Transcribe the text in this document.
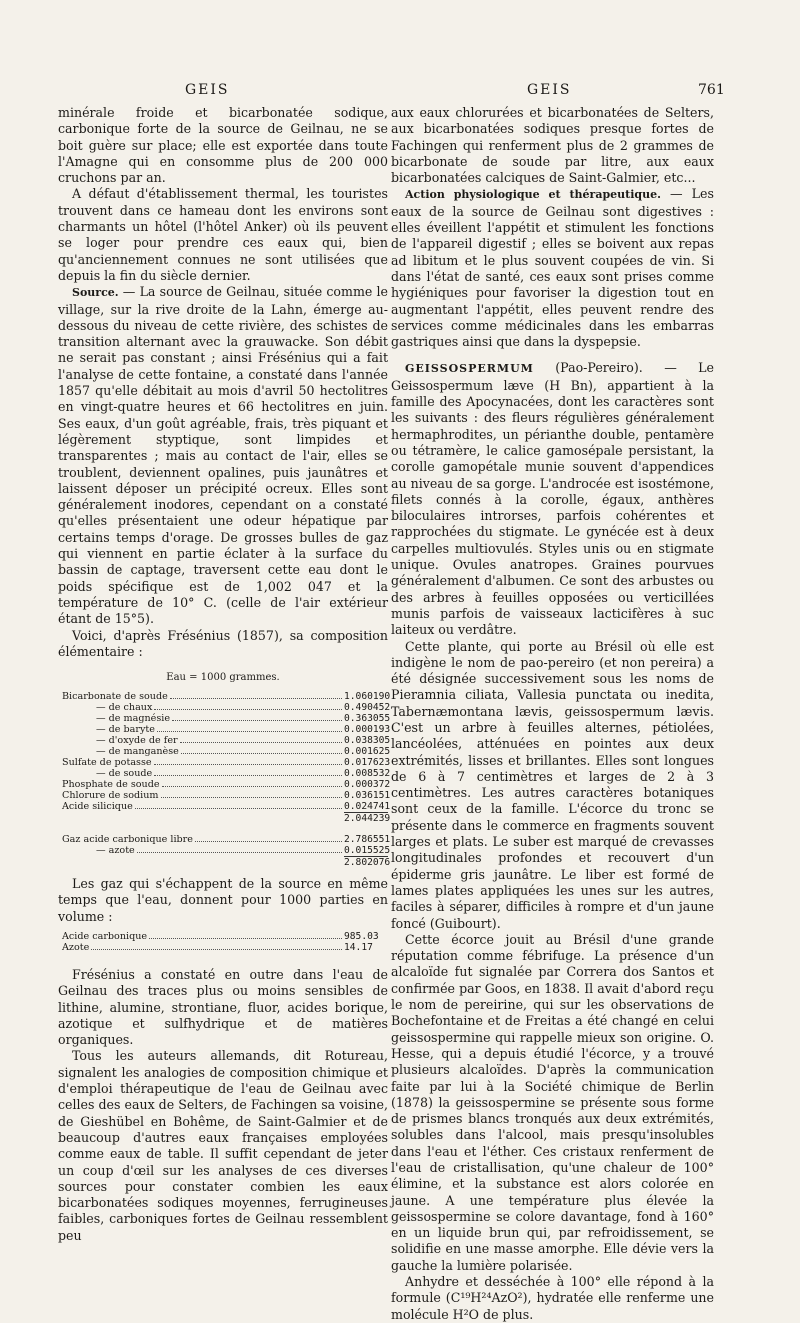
GEIS	GEIS	761

minérale froide et bicarbonatée sodique, carbonique forte de la source de Geilnau, ne se boit guère sur place; elle est exportée dans toute l'Amagne qui en consomme plus de 200 000 cruchons par an.

A défaut d'établissement thermal, les touristes trouvent dans ce hameau dont les environs sont charmants un hôtel (l'hôtel Anker) où ils peuvent se loger pour prendre ces eaux qui, bien qu'anciennement connues ne sont utilisées que depuis la fin du siècle dernier.

Source. — La source de Geilnau, située comme le village, sur la rive droite de la Lahn, émerge au-dessous du niveau de cette rivière, des schistes de transition alternant avec la grauwacke. Son débit ne serait pas constant ; ainsi Frésénius qui a fait l'analyse de cette fontaine, a constaté dans l'année 1857 qu'elle débitait au mois d'avril 50 hectolitres en vingt-quatre heures et 66 hectolitres en juin. Ses eaux, d'un goût agréable, frais, très piquant et légèrement styptique, sont limpides et transparentes ; mais au contact de l'air, elles se troublent, deviennent opalines, puis jaunâtres et laissent déposer un précipité ocreux. Elles sont généralement inodores, cependant on a constaté qu'elles présentaient une odeur hépatique par certains temps d'orage. De grosses bulles de gaz qui viennent en partie éclater à la surface du bassin de captage, traversent cette eau dont le poids spécifique est de 1,002 047 et la température de 10° C. (celle de l'air extérieur étant de 15°5).

Voici, d'après Frésénius (1857), sa composition élémentaire :

Eau = 1000 grammes.
Bicarbonate de soude	1.060190
— de chaux	0.490452
— de magnésie	0.363055
— de baryte	0.000193
— d'oxyde de fer	0.038305
— de manganèse	0.001625
Sulfate de potasse	0.017623
— de soude	0.008532
Phosphate de soude	0.000372
Chlorure de sodium	0.036151
Acide silicique	0.024741
2.044239
Gaz acide carbonique libre	2.786551
— azote	0.015525
2.802076

Les gaz qui s'échappent de la source en même temps que l'eau, donnent pour 1000 parties en volume :

Acide carbonique	985.03
Azote	14.17

Frésénius a constaté en outre dans l'eau de Geilnau des traces plus ou moins sensibles de lithine, alumine, strontiane, fluor, acides borique, azotique et sulfhydrique et de matières organiques.

Tous les auteurs allemands, dit Rotureau, signalent les analogies de composition chimique et d'emploi thérapeutique de l'eau de Geilnau avec celles des eaux de Selters, de Fachingen sa voisine, de Gieshübel en Bohême, de Saint-Galmier et de beaucoup d'autres eaux françaises employées comme eaux de table. Il suffit cependant de jeter un coup d'œil sur les analyses de ces diverses sources pour constater combien les eaux bicarbonatées sodiques moyennes, ferrugineuses faibles, carboniques fortes de Geilnau ressemblent peu

aux eaux chlorurées et bicarbonatées de Selters, aux bicarbonatées sodiques presque fortes de Fachingen qui renferment plus de 2 grammes de bicarbonate de soude par litre, aux eaux bicarbonatées calciques de Saint-Galmier, etc...

Action physiologique et thérapeutique. — Les eaux de la source de Geilnau sont digestives : elles éveillent l'appétit et stimulent les fonctions de l'appareil digestif ; elles se boivent aux repas ad libitum et le plus souvent coupées de vin. Si dans l'état de santé, ces eaux sont prises comme hygiéniques pour favoriser la digestion tout en augmentant l'appétit, elles peuvent rendre des services comme médicinales dans les embarras gastriques ainsi que dans la dyspepsie.

GEISSOSPERMUM (Pao-Pereiro). — Le Geissospermum læve (H Bn), appartient à la famille des Apocynacées, dont les caractères sont les suivants : des fleurs régulières généralement hermaphrodites, un périanthe double, pentamère ou tétramère, le calice gamosépale persistant, la corolle gamopétale munie souvent d'appendices au niveau de sa gorge. L'androcée est isostémone, filets connés à la corolle, égaux, anthères biloculaires introrses, parfois cohérentes et rapprochées du stigmate. Le gynécée est à deux carpelles multiovulés. Styles unis ou en stigmate unique. Ovules anatropes. Graines pourvues généralement d'albumen. Ce sont des arbustes ou des arbres à feuilles opposées ou verticillées munis parfois de vaisseaux lacticifères à suc laiteux ou verdâtre.

Cette plante, qui porte au Brésil où elle est indigène le nom de pao-pereiro (et non pereira) a été désignée successivement sous les noms de Pieramnia ciliata, Vallesia punctata ou inedita, Tabernæmontana lævis, geissospermum lævis. C'est un arbre à feuilles alternes, pétiolées, lancéolées, atténuées en pointes aux deux extrémités, lisses et brillantes. Elles sont longues de 6 à 7 centimètres et larges de 2 à 3 centimètres. Les autres caractères botaniques sont ceux de la famille. L'écorce du tronc se présente dans le commerce en fragments souvent larges et plats. Le suber est marqué de crevasses longitudinales profondes et recouvert d'un épiderme gris jaunâtre. Le liber est formé de lames plates appliquées les unes sur les autres, faciles à séparer, difficiles à rompre et d'un jaune foncé (Guibourt).

Cette écorce jouit au Brésil d'une grande réputation comme fébrifuge. La présence d'un alcaloïde fut signalée par Correra dos Santos et confirmée par Goos, en 1838. Il avait d'abord reçu le nom de pereirine, qui sur les observations de Bochefontaine et de Freitas a été changé en celui geissospermine qui rappelle mieux son origine. O. Hesse, qui a depuis étudié l'écorce, y a trouvé plusieurs alcaloïdes. D'après la communication faite par lui à la Société chimique de Berlin (1878) la geissospermine se présente sous forme de prismes blancs tronqués aux deux extrémités, solubles dans l'alcool, mais presqu'insolubles dans l'eau et l'éther. Ces cristaux renferment de l'eau de cristallisation, qu'une chaleur de 100° élimine, et la substance est alors colorée en jaune. A une température plus élevée la geissospermine se colore davantage, fond à 160° en un liquide brun qui, par refroidissement, se solidifie en une masse amorphe. Elle dévie vers la gauche la lumière polarisée.

Anhydre et desséchée à 100° elle répond à la formule (C¹⁹H²⁴AzO²), hydratée elle renferme une molécule H²O de plus.
